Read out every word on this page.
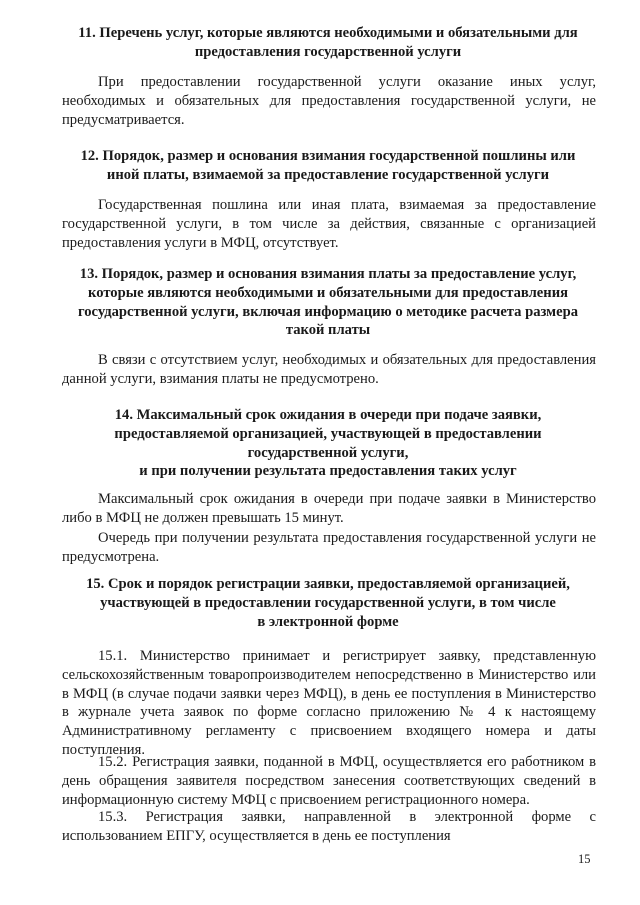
11. Перечень услуг, которые являются необходимыми и обязательными для
предоставления государственной услуги

При предоставлении государственной услуги оказание иных услуг, необходимых и обязательных для предоставления государственной услуги, не предусматривается.

12. Порядок, размер и основания взимания государственной пошлины или
иной платы, взимаемой за предоставление государственной услуги

Государственная пошлина или иная плата, взимаемая за предоставление государственной услуги, в том числе за действия, связанные с организацией предоставления услуги в МФЦ, отсутствует.

13. Порядок, размер и основания взимания платы за предоставление услуг,
которые являются необходимыми и обязательными для предоставления
государственной услуги, включая информацию о методике расчета размера
такой платы

В связи с отсутствием услуг, необходимых и обязательных для предоставления данной услуги, взимания платы не предусмотрено.

14. Максимальный срок ожидания в очереди при подаче заявки,
предоставляемой организацией, участвующей в предоставлении
государственной услуги,
и при получении результата предоставления таких услуг

Максимальный срок ожидания в очереди при подаче заявки в Министерство либо в МФЦ не должен превышать 15 минут.

Очередь при получении результата предоставления государственной услуги не предусмотрена.

15. Срок и порядок регистрации заявки, предоставляемой организацией,
участвующей в предоставлении государственной услуги, в том числе
в электронной форме

15.1. Министерство принимает и регистрирует заявку, представленную сельскохозяйственным товаропроизводителем непосредственно в Министерство или в МФЦ (в случае подачи заявки через МФЦ), в день ее поступления в Министерство в журнале учета заявок по форме согласно приложению № 4 к настоящему Административному регламенту с присвоением входящего номера и даты поступления.

15.2. Регистрация заявки, поданной в МФЦ, осуществляется его работником в день обращения заявителя посредством занесения соответствующих сведений в информационную систему МФЦ с присвоением регистрационного номера.

15.3. Регистрация заявки, направленной в электронной форме с использованием ЕПГУ, осуществляется в день ее поступления

15
